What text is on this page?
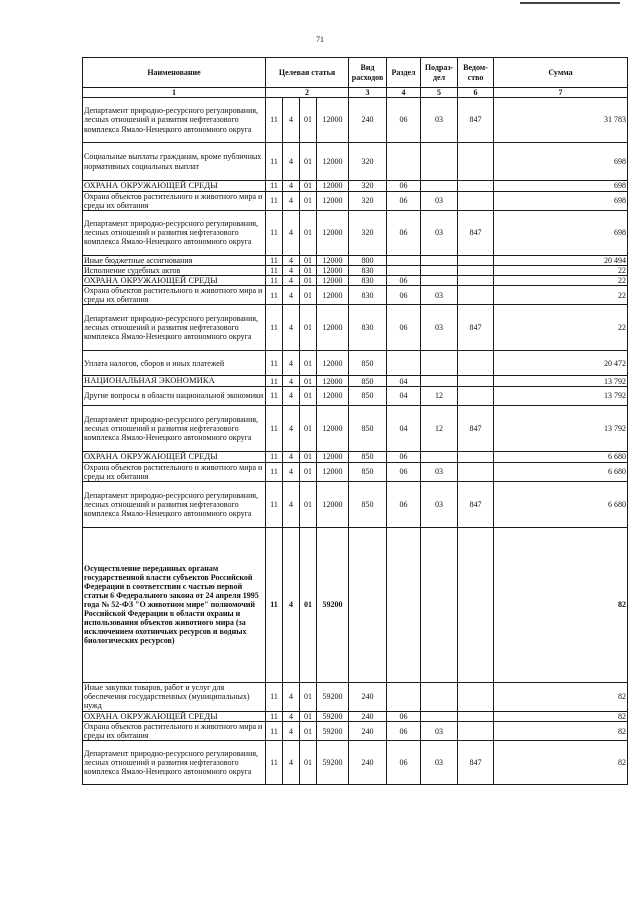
71
Наименование	Целевая статья				Вид расходов	Раздел	Подраз-дел	Ведом-ство	Сумма
1	2				3	4	5	6	7
Департамент природно-ресурсного регулирования, лесных отношений и развития нефтегазового комплекса Ямало-Ненецкого автономного округа	11	4	01	12000	240	06	03	847	31 783
Социальные выплаты гражданам, кроме публичных нормативных социальных выплат	11	4	01	12000	320				698
ОХРАНА ОКРУЖАЮЩЕЙ СРЕДЫ	11	4	01	12000	320	06			698
Охрана объектов растительного и животного мира и среды их обитания	11	4	01	12000	320	06	03		698
Департамент природно-ресурсного регулирования, лесных отношений и развития нефтегазового комплекса Ямало-Ненецкого автономного округа	11	4	01	12000	320	06	03	847	698
Иные бюджетные ассигнования	11	4	01	12000	800				20 494
Исполнение судебных актов	11	4	01	12000	830				22
ОХРАНА ОКРУЖАЮЩЕЙ СРЕДЫ	11	4	01	12000	830	06			22
Охрана объектов растительного и животного мира и среды их обитания	11	4	01	12000	830	06	03		22
Департамент природно-ресурсного регулирования, лесных отношений и развития нефтегазового комплекса Ямало-Ненецкого автономного округа	11	4	01	12000	830	06	03	847	22
Уплата налогов, сборов и иных платежей	11	4	01	12000	850				20 472
НАЦИОНАЛЬНАЯ ЭКОНОМИКА	11	4	01	12000	850	04			13 792
Другие вопросы в области национальной экономики	11	4	01	12000	850	04	12		13 792
Департамент природно-ресурсного регулирования, лесных отношений и развития нефтегазового комплекса Ямало-Ненецкого автономного округа	11	4	01	12000	850	04	12	847	13 792
ОХРАНА ОКРУЖАЮЩЕЙ СРЕДЫ	11	4	01	12000	850	06			6 680
Охрана объектов растительного и животного мира и среды их обитания	11	4	01	12000	850	06	03		6 680
Департамент природно-ресурсного регулирования, лесных отношений и развития нефтегазового комплекса Ямало-Ненецкого автономного округа	11	4	01	12000	850	06	03	847	6 680
Осуществление переданных органам государственной власти субъектов Российской Федерации в соответствии с частью первой статьи 6 Федерального закона от 24 апреля 1995 года № 52-ФЗ "О животном мире" полномочий Российской Федерации в области охраны и использования объектов животного мира (за исключением охотничьих ресурсов и водных биологических ресурсов)	11	4	01	59200					82
Иные закупки товаров, работ и услуг для обеспечения государственных (муниципальных) нужд	11	4	01	59200	240				82
ОХРАНА ОКРУЖАЮЩЕЙ СРЕДЫ	11	4	01	59200	240	06			82
Охрана объектов растительного и животного мира и среды их обитания	11	4	01	59200	240	06	03		82
Департамент природно-ресурсного регулирования, лесных отношений и развития нефтегазового комплекса Ямало-Ненецкого автономного округа	11	4	01	59200	240	06	03	847	82
